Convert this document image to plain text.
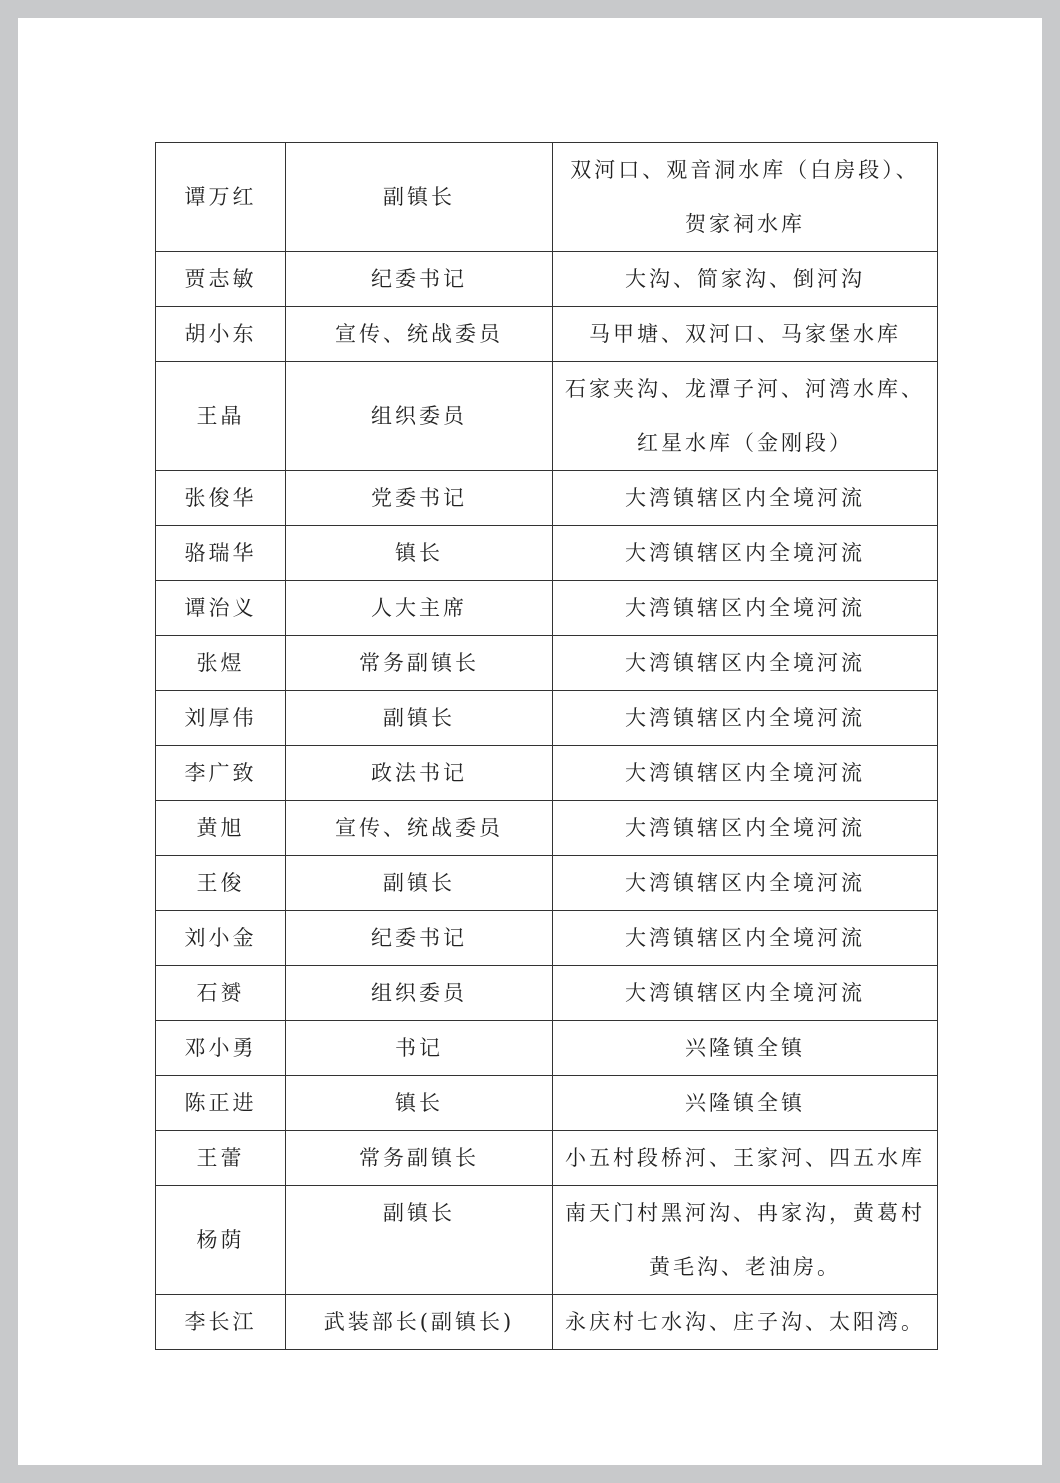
谭万红	副镇长	双河口、观音洞水库（白房段）、贺家祠水库
贾志敏	纪委书记	大沟、简家沟、倒河沟
胡小东	宣传、统战委员	马甲塘、双河口、马家堡水库
王晶	组织委员	石家夹沟、龙潭子河、河湾水库、红星水库（金刚段）
张俊华	党委书记	大湾镇辖区内全境河流
骆瑞华	镇长	大湾镇辖区内全境河流
谭治义	人大主席	大湾镇辖区内全境河流
张煜	常务副镇长	大湾镇辖区内全境河流
刘厚伟	副镇长	大湾镇辖区内全境河流
李广致	政法书记	大湾镇辖区内全境河流
黄旭	宣传、统战委员	大湾镇辖区内全境河流
王俊	副镇长	大湾镇辖区内全境河流
刘小金	纪委书记	大湾镇辖区内全境河流
石赟	组织委员	大湾镇辖区内全境河流
邓小勇	书记	兴隆镇全镇
陈正进	镇长	兴隆镇全镇
王蕾	常务副镇长	小五村段桥河、王家河、四五水库
杨荫	副镇长	南天门村黑河沟、冉家沟，黄葛村黄毛沟、老油房。
李长江	武装部长(副镇长)	永庆村七水沟、庄子沟、太阳湾。
